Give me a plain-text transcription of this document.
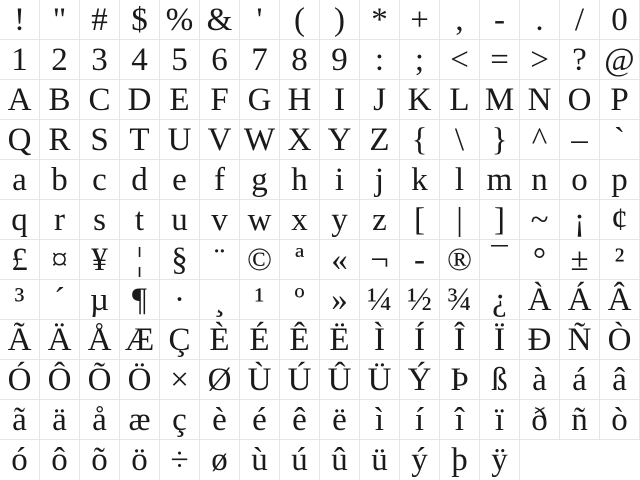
! " # $ % & ' ( ) * + , - . / 0
1 2 3 4 5 6 7 8 9 : ; < = > ? @
A B C D E F G H I J K L M N O P
Q R S T U V W X Y Z { \ } ^ – `
a b c d e f g h i j k l m n o p
q r s t u v w x y z [ | ] ~ ¡ ¢
£ ¤ ¥ ¦ § ¨ © ª « ¬ - ® ¯ ° ± ²
³ ´ µ ¶ · ¸ ¹ º » ¼ ½ ¾ ¿ À Á Â
Ã Ä Å Æ Ç È É Ê Ë Ì Í Î Ï Ð Ñ Ò
Ó Ô Õ Ö × Ø Ù Ú Û Ü Ý Þ ß à á â
ã ä å æ ç è é ê ë ì í î ï ð ñ ò
ó ô õ ö ÷ ø ù ú û ü ý þ ÿ
